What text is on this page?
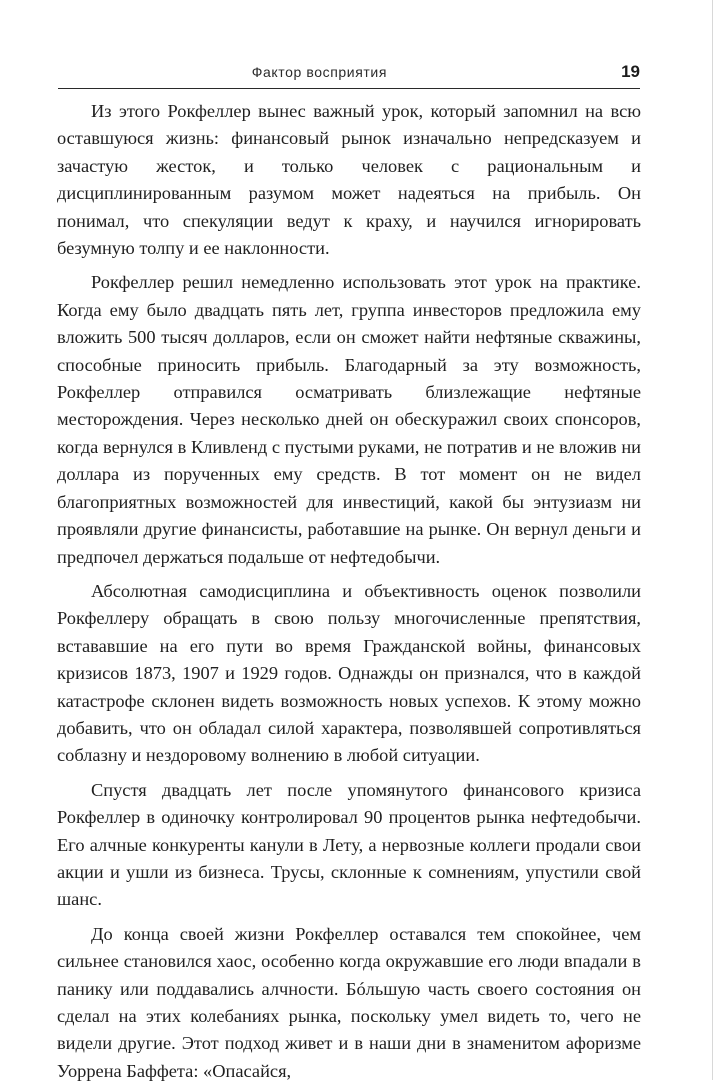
Фактор восприятия	19

Из этого Рокфеллер вынес важный урок, который запомнил на всю оставшуюся жизнь: финансовый рынок изначально непредсказуем и зачастую жесток, и только человек с рациональным и дисциплинированным разумом может надеяться на прибыль. Он понимал, что спекуляции ведут к краху, и научился игнорировать безумную толпу и ее наклонности.

Рокфеллер решил немедленно использовать этот урок на практике. Когда ему было двадцать пять лет, группа инвесторов предложила ему вложить 500 тысяч долларов, если он сможет найти нефтяные скважины, способные приносить прибыль. Благодарный за эту возможность, Рокфеллер отправился осматривать близлежащие нефтяные месторождения. Через несколько дней он обескуражил своих спонсоров, когда вернулся в Кливленд с пустыми руками, не потратив и не вложив ни доллара из порученных ему средств. В тот момент он не видел благоприятных возможностей для инвестиций, какой бы энтузиазм ни проявляли другие финансисты, работавшие на рынке. Он вернул деньги и предпочел держаться подальше от нефтедобычи.

Абсолютная самодисциплина и объективность оценок позволили Рокфеллеру обращать в свою пользу многочисленные препятствия, встававшие на его пути во время Гражданской войны, финансовых кризисов 1873, 1907 и 1929 годов. Однажды он признался, что в каждой катастрофе склонен видеть возможность новых успехов. К этому можно добавить, что он обладал силой характера, позволявшей сопротивляться соблазну и нездоровому волнению в любой ситуации.

Спустя двадцать лет после упомянутого финансового кризиса Рокфеллер в одиночку контролировал 90 процентов рынка нефтедобычи. Его алчные конкуренты канули в Лету, а нервозные коллеги продали свои акции и ушли из бизнеса. Трусы, склонные к сомнениям, упустили свой шанс.

До конца своей жизни Рокфеллер оставался тем спокойнее, чем сильнее становился хаос, особенно когда окружавшие его люди впадали в панику или поддавались алчности. Бóльшую часть своего состояния он сделал на этих колебаниях рынка, поскольку умел видеть то, чего не видели другие. Этот подход живет и в наши дни в знаменитом афоризме Уоррена Баффета: «Опасайся,
